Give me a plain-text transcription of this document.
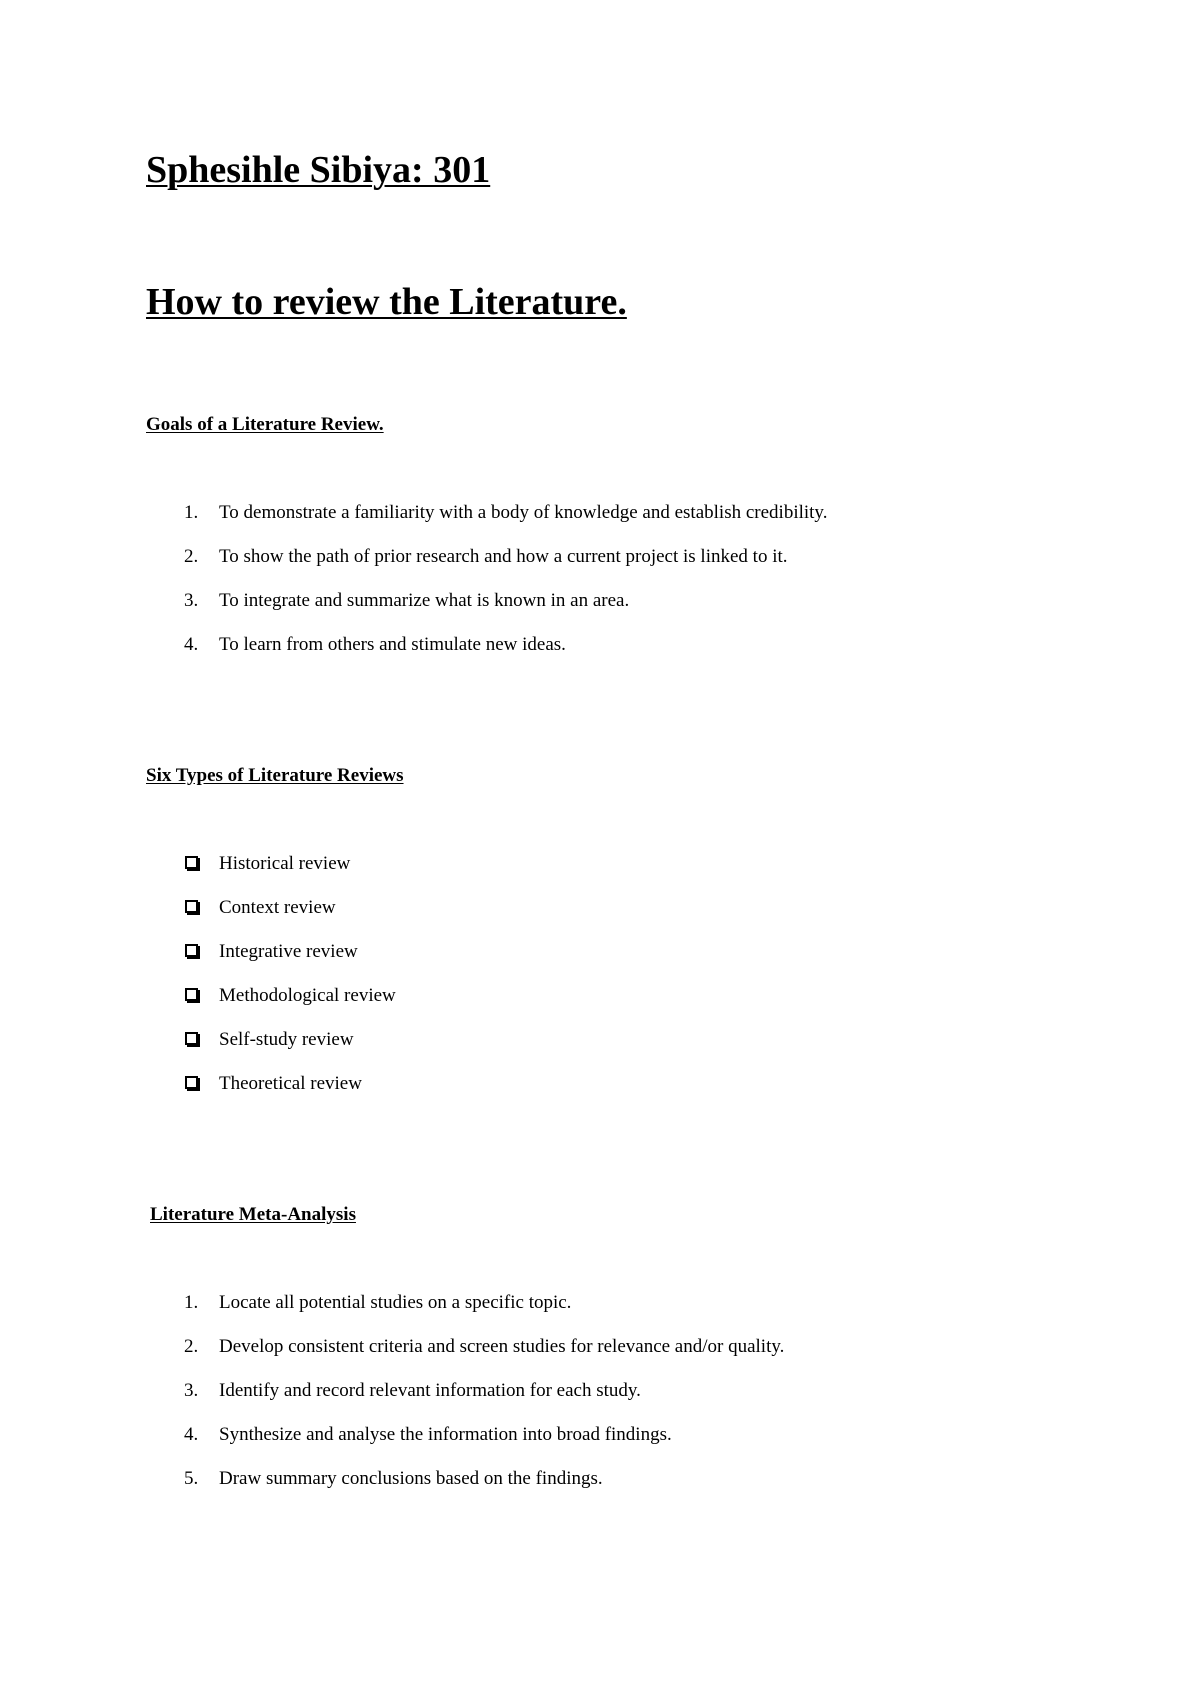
Sphesihle Sibiya: 301
How to review the Literature.
Goals of a Literature Review.
1.	To demonstrate a familiarity with a body of knowledge and establish credibility.
2.	To show the path of prior research and how a current project is linked to it.
3.	To integrate and summarize what is known in an area.
4.	To learn from others and stimulate new ideas.
Six Types of Literature Reviews
Historical review
Context review
Integrative review
Methodological review
Self-study review
Theoretical review
Literature Meta-Analysis
1.	Locate all potential studies on a specific topic.
2.	Develop consistent criteria and screen studies for relevance and/or quality.
3.	Identify and record relevant information for each study.
4.	Synthesize and analyse the information into broad findings.
5.	Draw summary conclusions based on the findings.
